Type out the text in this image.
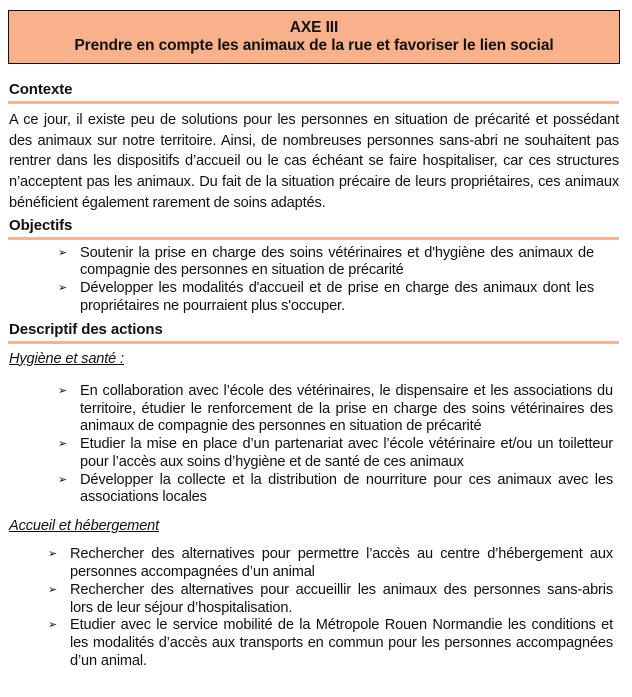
AXE III
Prendre en compte les animaux de la rue et favoriser le lien social
Contexte
A ce jour, il existe peu de solutions pour les personnes en situation de précarité et possédant des animaux sur notre territoire. Ainsi, de nombreuses personnes sans-abri ne souhaitent pas rentrer dans les dispositifs d’accueil ou le cas échéant se faire hospitaliser, car ces structures n’acceptent pas les animaux. Du fait de la situation précaire de leurs propriétaires, ces animaux bénéficient également rarement de soins adaptés.
Objectifs
➢ Soutenir la prise en charge des soins vétérinaires et d'hygiène des animaux de compagnie des personnes en situation de précarité
➢ Développer les modalités d'accueil et de prise en charge des animaux dont les propriétaires ne pourraient plus s'occuper.
Descriptif des actions
Hygiène et santé :
➢ En collaboration avec l’école des vétérinaires, le dispensaire et les associations du territoire, étudier le renforcement de la prise en charge des soins vétérinaires des animaux de compagnie des personnes en situation de précarité
➢ Etudier la mise en place d’un partenariat avec l’école vétérinaire et/ou un toiletteur pour l’accès aux soins d’hygiène et de santé de ces animaux
➢ Développer la collecte et la distribution de nourriture pour ces animaux avec les associations locales
Accueil et hébergement
➢ Rechercher des alternatives pour permettre l’accès au centre d’hébergement aux personnes accompagnées d’un animal
➢ Rechercher des alternatives pour accueillir les animaux des personnes sans-abris lors de leur séjour d’hospitalisation.
➢ Etudier avec le service mobilité de la Métropole Rouen Normandie les conditions et les modalités d’accès aux transports en commun pour les personnes accompagnées d’un animal.
